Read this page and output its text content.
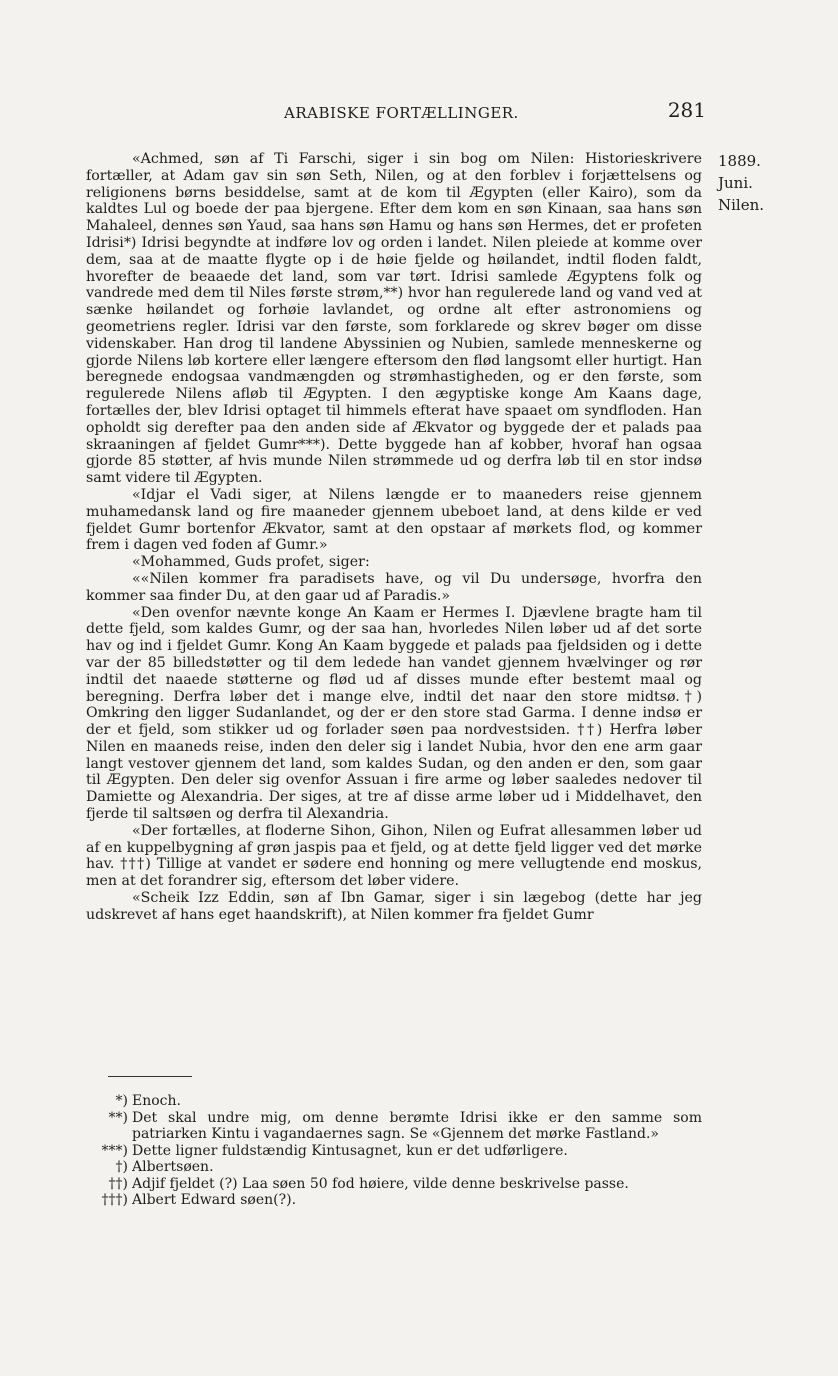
ARABISKE FORTÆLLINGER.	281
1889.
Juni.
Nilen.

«Achmed, søn af Ti Farschi, siger i sin bog om Nilen: Historieskrivere fortæller, at Adam gav sin søn Seth, Nilen, og at den forblev i forjættelsens og religionens børns besiddelse, samt at de kom til Ægypten (eller Kairo), som da kaldtes Lul og boede der paa bjergene. Efter dem kom en søn Kinaan, saa hans søn Mahaleel, dennes søn Yaud, saa hans søn Hamu og hans søn Hermes, det er profeten Idrisi*) Idrisi begyndte at indføre lov og orden i landet. Nilen pleiede at komme over dem, saa at de maatte flygte op i de høie fjelde og høilandet, indtil floden faldt, hvorefter de beaaede det land, som var tørt. Idrisi samlede Ægyptens folk og vandrede med dem til Niles første strøm,**) hvor han regulerede land og vand ved at sænke høilandet og forhøie lavlandet, og ordne alt efter astronomiens og geometriens regler. Idrisi var den første, som forklarede og skrev bøger om disse videnskaber. Han drog til landene Abyssinien og Nubien, samlede menneskerne og gjorde Nilens løb kortere eller længere eftersom den flød langsomt eller hurtigt. Han beregnede endogsaa vandmængden og strømhastigheden, og er den første, som regulerede Nilens afløb til Ægypten. I den ægyptiske konge Am Kaans dage, fortælles der, blev Idrisi optaget til himmels efterat have spaaet om syndfloden. Han opholdt sig derefter paa den anden side af Ækvator og byggede der et palads paa skraaningen af fjeldet Gumr***). Dette byggede han af kobber, hvoraf han ogsaa gjorde 85 støtter, af hvis munde Nilen strømmede ud og derfra løb til en stor indsø samt videre til Ægypten.

«Idjar el Vadi siger, at Nilens længde er to maaneders reise gjennem muhamedansk land og fire maaneder gjennem ubeboet land, at dens kilde er ved fjeldet Gumr bortenfor Ækvator, samt at den opstaar af mørkets flod, og kommer frem i dagen ved foden af Gumr.»

«Mohammed, Guds profet, siger:

««Nilen kommer fra paradisets have, og vil Du undersøge, hvorfra den kommer saa finder Du, at den gaar ud af Paradis.»

«Den ovenfor nævnte konge An Kaam er Hermes I. Djævlene bragte ham til dette fjeld, som kaldes Gumr, og der saa han, hvorledes Nilen løber ud af det sorte hav og ind i fjeldet Gumr. Kong An Kaam byggede et palads paa fjeldsiden og i dette var der 85 billedstøtter og til dem ledede han vandet gjennem hvælvinger og rør indtil det naaede støtterne og flød ud af disses munde efter bestemt maal og beregning. Derfra løber det i mange elve, indtil det naar den store midtsø.†) Omkring den ligger Sudanlandet, og der er den store stad Garma. I denne indsø er der et fjeld, som stikker ud og forlader søen paa nordvestsiden. ††) Herfra løber Nilen en maaneds reise, inden den deler sig i landet Nubia, hvor den ene arm gaar langt vestover gjennem det land, som kaldes Sudan, og den anden er den, som gaar til Ægypten. Den deler sig ovenfor Assuan i fire arme og løber saaledes nedover til Damiette og Alexandria. Der siges, at tre af disse arme løber ud i Middelhavet, den fjerde til saltsøen og derfra til Alexandria.

«Der fortælles, at floderne Sihon, Gihon, Nilen og Eufrat allesammen løber ud af en kuppelbygning af grøn jaspis paa et fjeld, og at dette fjeld ligger ved det mørke hav. †††) Tillige at vandet er sødere end honning og mere vellugtende end moskus, men at det forandrer sig, eftersom det løber videre.

«Scheik Izz Eddin, søn af Ibn Gamar, siger i sin lægebog (dette har jeg udskrevet af hans eget haandskrift), at Nilen kommer fra fjeldet Gumr

*) Enoch.
**) Det skal undre mig, om denne berømte Idrisi ikke er den samme som patriarken Kintu i vagandaernes sagn. Se «Gjennem det mørke Fastland.»
***) Dette ligner fuldstændig Kintusagnet, kun er det udførligere.
†) Albertsøen.
††) Adjif fjeldet (?) Laa søen 50 fod høiere, vilde denne beskrivelse passe.
†††) Albert Edward søen(?).
